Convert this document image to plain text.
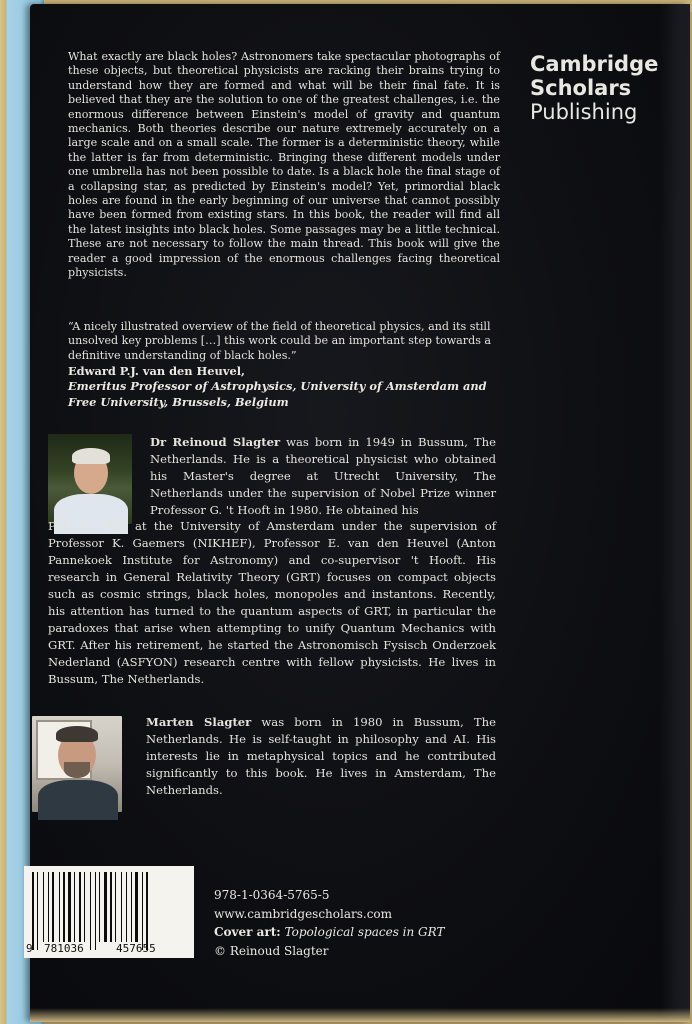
Cambridge
Scholars
Publishing

What exactly are black holes? Astronomers take spectacular photographs of these objects, but theoretical physicists are racking their brains trying to understand how they are formed and what will be their final fate. It is believed that they are the solution to one of the greatest challenges, i.e. the enormous difference between Einstein's model of gravity and quantum mechanics. Both theories describe our nature extremely accurately on a large scale and on a small scale. The former is a deterministic theory, while the latter is far from deterministic. Bringing these different models under one umbrella has not been possible to date. Is a black hole the final stage of a collapsing star, as predicted by Einstein's model? Yet, primordial black holes are found in the early beginning of our universe that cannot possibly have been formed from existing stars. In this book, the reader will find all the latest insights into black holes. Some passages may be a little technical. These are not necessary to follow the main thread. This book will give the reader a good impression of the enormous challenges facing theoretical physicists.

“A nicely illustrated overview of the field of theoretical physics, and its still unsolved key problems […] this work could be an important step towards a definitive understanding of black holes.”

Edward P.J. van den Heuvel,

Emeritus Professor of Astrophysics, University of Amsterdam and Free University, Brussels, Belgium

Dr Reinoud Slagter was born in 1949 in Bussum, The Netherlands. He is a theoretical physicist who obtained his Master's degree at Utrecht University, The Netherlands under the supervision of Nobel Prize winner Professor G. 't Hooft in 1980. He obtained his

PhD in 1986 at the University of Amsterdam under the supervision of Professor K. Gaemers (NIKHEF), Professor E. van den Heuvel (Anton Pannekoek Institute for Astronomy) and co-supervisor 't Hooft. His research in General Relativity Theory (GRT) focuses on compact objects such as cosmic strings, black holes, monopoles and instantons. Recently, his attention has turned to the quantum aspects of GRT, in particular the paradoxes that arise when attempting to unify Quantum Mechanics with GRT. After his retirement, he started the Astronomisch Fysisch Onderzoek Nederland (ASFYON) research centre with fellow physicists. He lives in Bussum, The Netherlands.

Marten Slagter was born in 1980 in Bussum, The Netherlands. He is self-taught in philosophy and AI. His interests lie in metaphysical topics and he contributed significantly to this book. He lives in Amsterdam, The Netherlands.

9 781036	457655
978-1-0364-5765-5
www.cambridgescholars.com
Cover art: Topological spaces in GRT
© Reinoud Slagter
